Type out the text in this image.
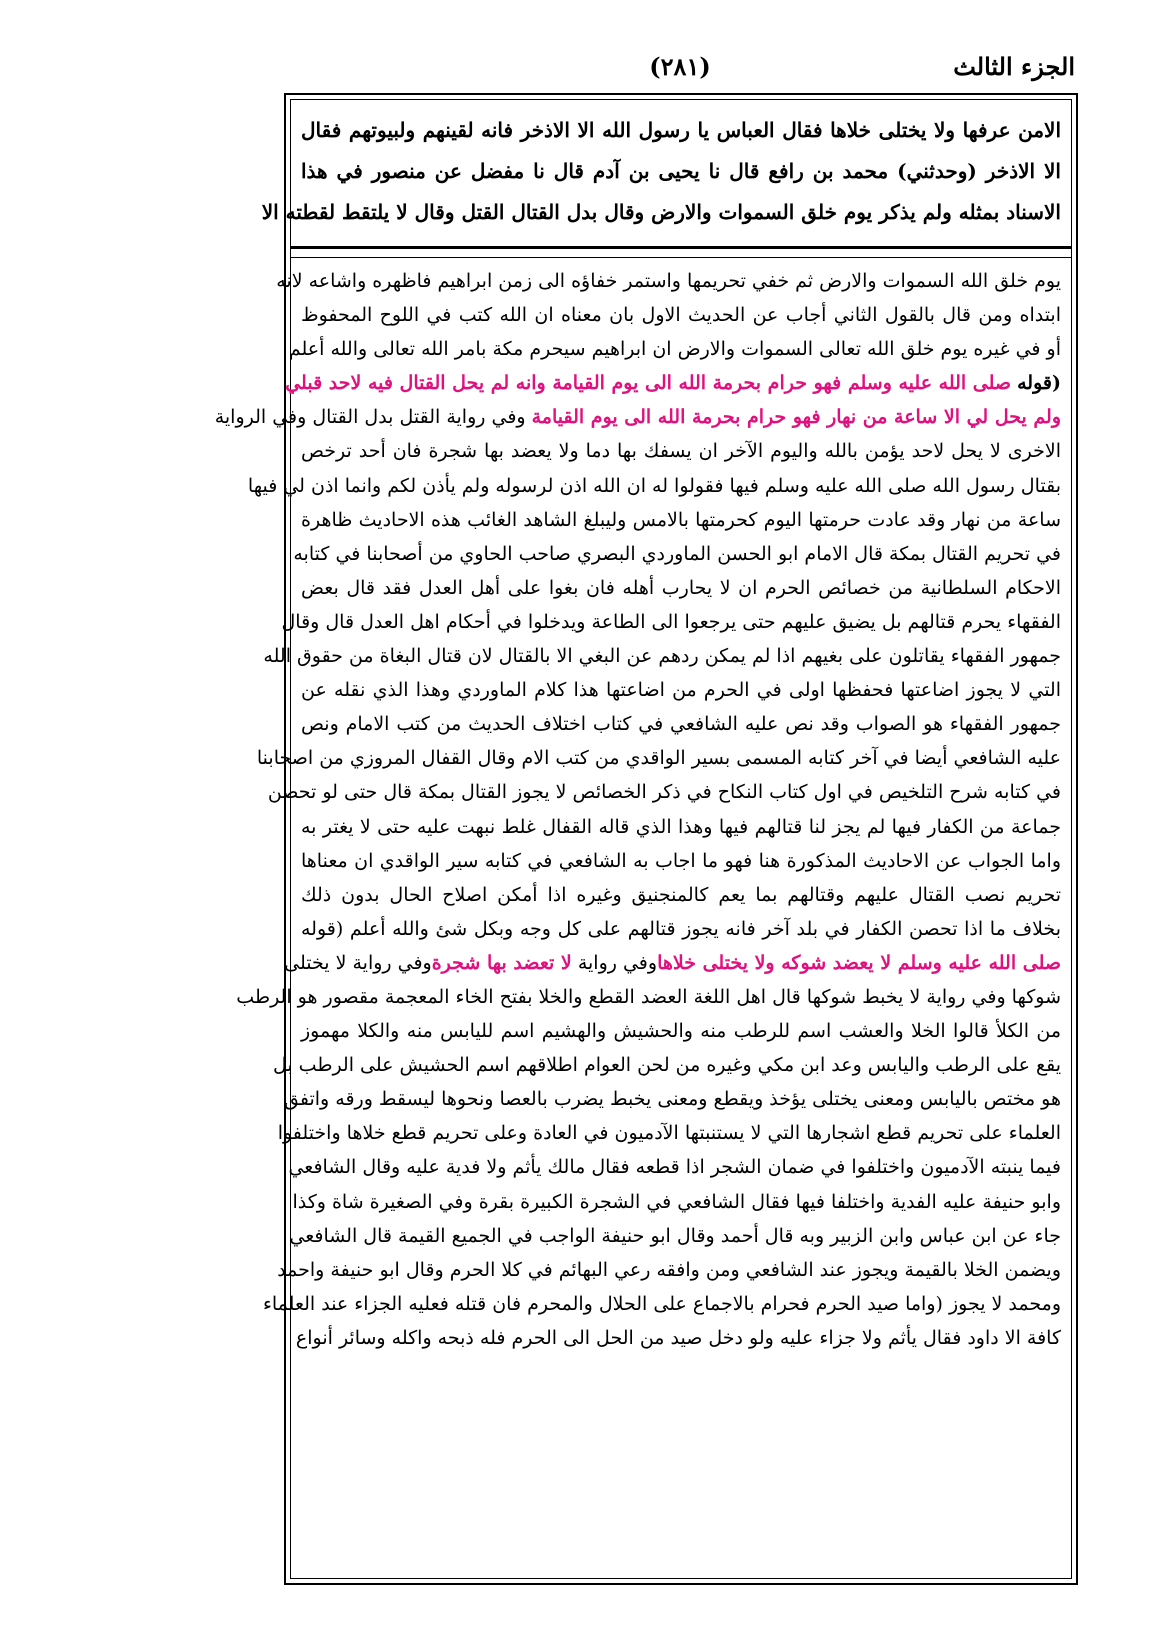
الجزء الثالث
(٢٨١)
الامن عرفها ولا يختلى خلاها فقال العباس يا رسول الله الا الاذخر فانه لقينهم ولبيوتهم فقال
الا الاذخر (وحدثني) محمد بن رافع قال نا يحيى بن آدم قال نا مفضل عن منصور في هذا
الاسناد بمثله ولم يذكر يوم خلق السموات والارض وقال بدل القتال القتل وقال لا يلتقط لقطته الا
يوم خلق الله السموات والارض ثم خفي تحريمها واستمر خفاؤه الى زمن ابراهيم فاظهره واشاعه لانه
ابتداه ومن قال بالقول الثاني أجاب عن الحديث الاول بان معناه ان الله كتب في اللوح المحفوظ
أو في غيره يوم خلق الله تعالى السموات والارض ان ابراهيم سيحرم مكة بامر الله تعالى والله أعلم
(قوله صلى الله عليه وسلم فهو حرام بحرمة الله الى يوم القيامة وانه لم يحل القتال فيه لاحد قبلي
ولم يحل لي الا ساعة من نهار فهو حرام بحرمة الله الى يوم القيامة وفي رواية القتل بدل القتال وفي الرواية
الاخرى لا يحل لاحد يؤمن بالله واليوم الآخر ان يسفك بها دما ولا يعضد بها شجرة فان أحد ترخص
بقتال رسول الله صلى الله عليه وسلم فيها فقولوا له ان الله اذن لرسوله ولم يأذن لكم وانما اذن لي فيها
ساعة من نهار وقد عادت حرمتها اليوم كحرمتها بالامس وليبلغ الشاهد الغائب هذه الاحاديث ظاهرة
في تحريم القتال بمكة قال الامام ابو الحسن الماوردي البصري صاحب الحاوي من أصحابنا في كتابه
الاحكام السلطانية من خصائص الحرم ان لا يحارب أهله فان بغوا على أهل العدل فقد قال بعض
الفقهاء يحرم قتالهم بل يضيق عليهم حتى يرجعوا الى الطاعة ويدخلوا في أحكام اهل العدل قال وقال
جمهور الفقهاء يقاتلون على بغيهم اذا لم يمكن ردهم عن البغي الا بالقتال لان قتال البغاة من حقوق الله
التي لا يجوز اضاعتها فحفظها اولى في الحرم من اضاعتها هذا كلام الماوردي وهذا الذي نقله عن
جمهور الفقهاء هو الصواب وقد نص عليه الشافعي في كتاب اختلاف الحديث من كتب الامام ونص
عليه الشافعي أيضا في آخر كتابه المسمى بسير الواقدي من كتب الام وقال القفال المروزي من اصحابنا
في كتابه شرح التلخيص في اول كتاب النكاح في ذكر الخصائص لا يجوز القتال بمكة قال حتى لو تحصن
جماعة من الكفار فيها لم يجز لنا قتالهم فيها وهذا الذي قاله القفال غلط نبهت عليه حتى لا يغتر به
واما الجواب عن الاحاديث المذكورة هنا فهو ما اجاب به الشافعي في كتابه سير الواقدي ان معناها
تحريم نصب القتال عليهم وقتالهم بما يعم كالمنجنيق وغيره اذا أمكن اصلاح الحال بدون ذلك
بخلاف ما اذا تحصن الكفار في بلد آخر فانه يجوز قتالهم على كل وجه وبكل شئ والله أعلم (قوله
صلى الله عليه وسلم لا يعضد شوكه ولا يختلى خلاهاوفي رواية لا تعضد بها شجرةوفي رواية لا يختلى
شوكها وفي رواية لا يخبط شوكها قال اهل اللغة العضد القطع والخلا بفتح الخاء المعجمة مقصور هو الرطب
من الكلأ قالوا الخلا والعشب اسم للرطب منه والحشيش والهشيم اسم لليابس منه والكلا مهموز
يقع على الرطب واليابس وعد ابن مكي وغيره من لحن العوام اطلاقهم اسم الحشيش على الرطب بل
هو مختص باليابس ومعنى يختلى يؤخذ ويقطع ومعنى يخبط يضرب بالعصا ونحوها ليسقط ورقه واتفق
العلماء على تحريم قطع اشجارها التي لا يستنبتها الآدميون في العادة وعلى تحريم قطع خلاها واختلفوا
فيما ينبته الآدميون واختلفوا في ضمان الشجر اذا قطعه فقال مالك يأثم ولا فدية عليه وقال الشافعي
وابو حنيفة عليه الفدية واختلفا فيها فقال الشافعي في الشجرة الكبيرة بقرة وفي الصغيرة شاة وكذا
جاء عن ابن عباس وابن الزبير وبه قال أحمد وقال ابو حنيفة الواجب في الجميع القيمة قال الشافعي
ويضمن الخلا بالقيمة ويجوز عند الشافعي ومن وافقه رعي البهائم في كلا الحرم وقال ابو حنيفة واحمد
ومحمد لا يجوز (واما صيد الحرم فحرام بالاجماع على الحلال والمحرم فان قتله فعليه الجزاء عند العلماء
كافة الا داود فقال يأثم ولا جزاء عليه ولو دخل صيد من الحل الى الحرم فله ذبحه واكله وسائر أنواع
